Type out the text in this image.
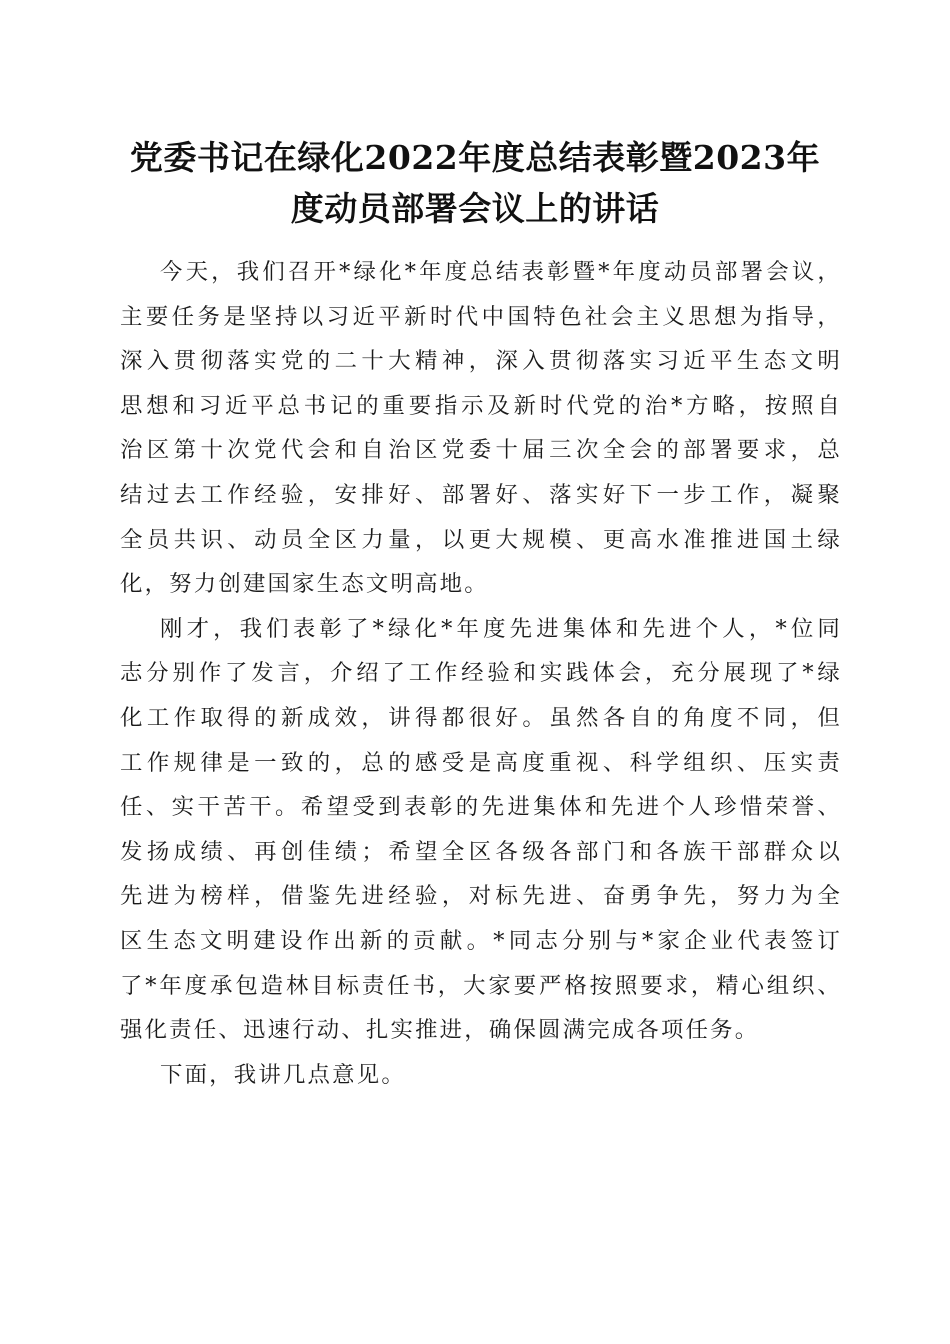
党委书记在绿化2022年度总结表彰暨2023年
度动员部署会议上的讲话
今天，我们召开*绿化*年度总结表彰暨*年度动员部署会议，
主要任务是坚持以习近平新时代中国特色社会主义思想为指导，
深入贯彻落实党的二十大精神，深入贯彻落实习近平生态文明
思想和习近平总书记的重要指示及新时代党的治*方略，按照自
治区第十次党代会和自治区党委十届三次全会的部署要求，总
结过去工作经验，安排好、部署好、落实好下一步工作，凝聚
全员共识、动员全区力量，以更大规模、更高水准推进国土绿
化，努力创建国家生态文明高地。
刚才，我们表彰了*绿化*年度先进集体和先进个人，*位同
志分别作了发言，介绍了工作经验和实践体会，充分展现了*绿
化工作取得的新成效，讲得都很好。虽然各自的角度不同，但
工作规律是一致的，总的感受是高度重视、科学组织、压实责
任、实干苦干。希望受到表彰的先进集体和先进个人珍惜荣誉、
发扬成绩、再创佳绩；希望全区各级各部门和各族干部群众以
先进为榜样，借鉴先进经验，对标先进、奋勇争先，努力为全
区生态文明建设作出新的贡献。*同志分别与*家企业代表签订
了*年度承包造林目标责任书，大家要严格按照要求，精心组织、
强化责任、迅速行动、扎实推进，确保圆满完成各项任务。
下面，我讲几点意见。
